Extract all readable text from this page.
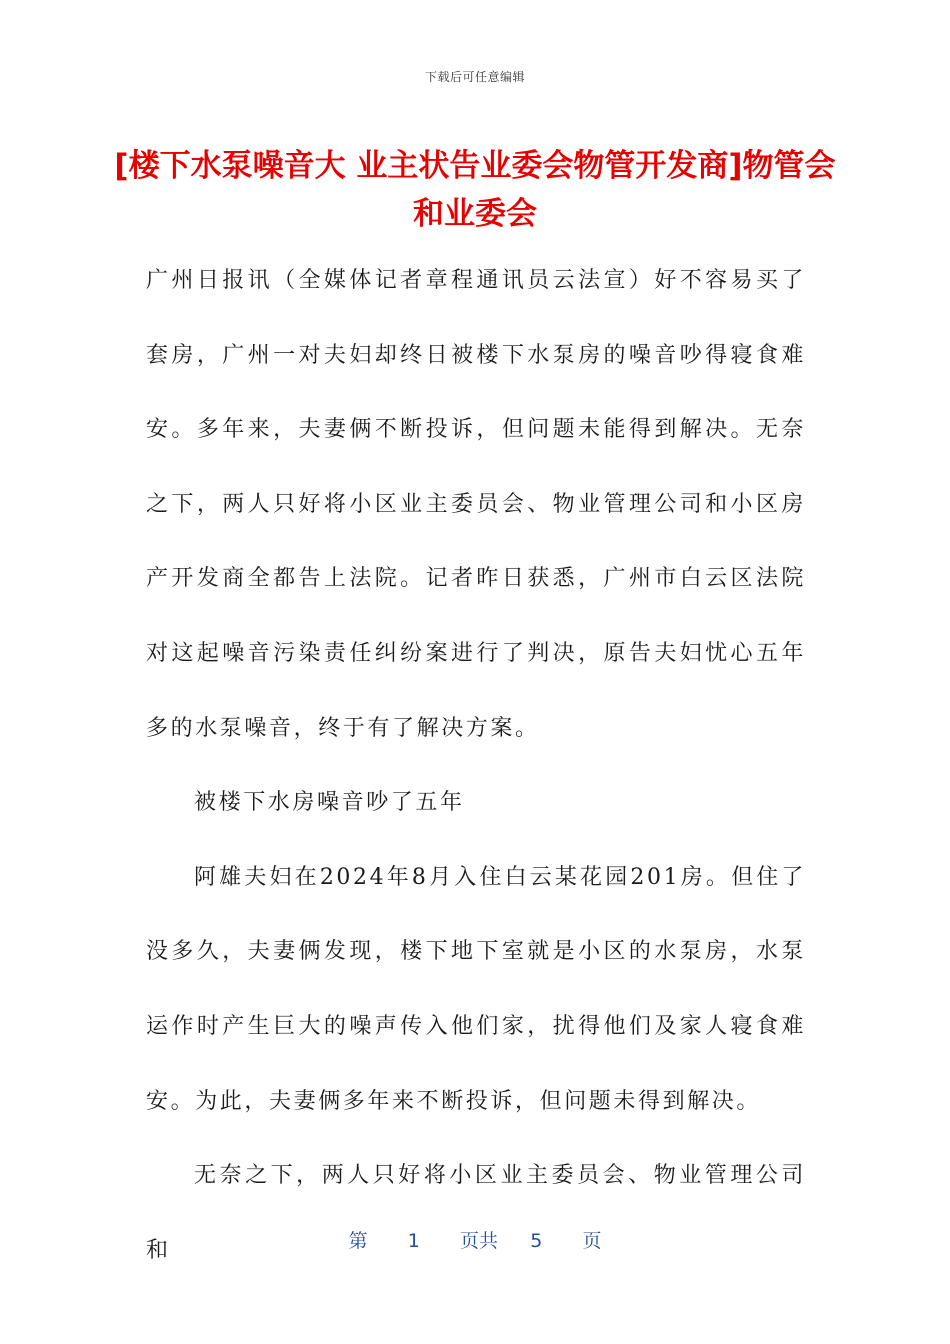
下载后可任意编辑
[楼下水泵噪音大 业主状告业委会物管开发商]物管会和业委会

广州日报讯（全媒体记者章程通讯员云法宣）好不容易买了套房，广州一对夫妇却终日被楼下水泵房的噪音吵得寝食难安。多年来，夫妻俩不断投诉，但问题未能得到解决。无奈之下，两人只好将小区业主委员会、物业管理公司和小区房产开发商全都告上法院。记者昨日获悉，广州市白云区法院对这起噪音污染责任纠纷案进行了判决，原告夫妇忧心五年多的水泵噪音，终于有了解决方案。

被楼下水房噪音吵了五年

阿雄夫妇在2024年8月入住白云某花园201房。但住了没多久，夫妻俩发现，楼下地下室就是小区的水泵房，水泵运作时产生巨大的噪声传入他们家，扰得他们及家人寝食难安。为此，夫妻俩多年来不断投诉，但问题未得到解决。

无奈之下，两人只好将小区业主委员会、物业管理公司和	第 1 页共 5 页
